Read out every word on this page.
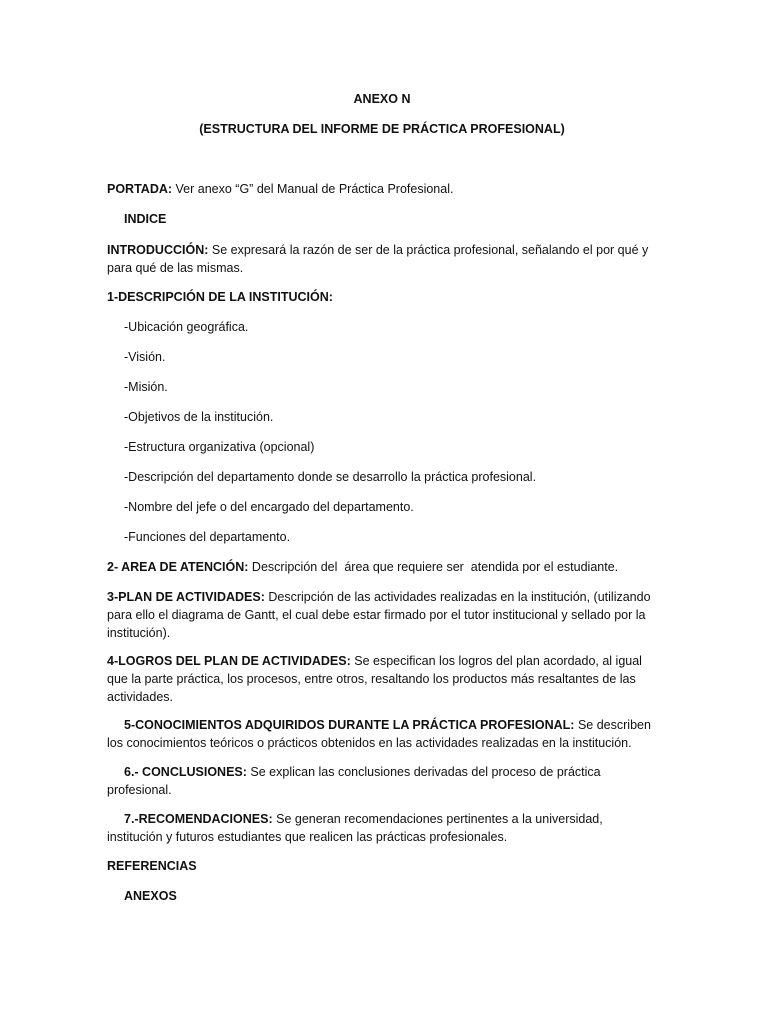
ANEXO N
(ESTRUCTURA DEL INFORME DE PRÁCTICA PROFESIONAL)
PORTADA: Ver anexo “G” del Manual de Práctica Profesional.
INDICE
INTRODUCCIÓN: Se expresará la razón de ser de la práctica profesional, señalando el por qué y
para qué de las mismas.
1-DESCRIPCIÓN DE LA INSTITUCIÓN:
-Ubicación geográfica.
-Visión.
-Misión.
-Objetivos de la institución.
-Estructura organizativa (opcional)
-Descripción del departamento donde se desarrollo la práctica profesional.
-Nombre del jefe o del encargado del departamento.
-Funciones del departamento.
2- AREA DE ATENCIÓN: Descripción del  área que requiere ser  atendida por el estudiante.
3-PLAN DE ACTIVIDADES: Descripción de las actividades realizadas en la institución, (utilizando
para ello el diagrama de Gantt, el cual debe estar firmado por el tutor institucional y sellado por la
institución).
4-LOGROS DEL PLAN DE ACTIVIDADES: Se especifican los logros del plan acordado, al igual
que la parte práctica, los procesos, entre otros, resaltando los productos más resaltantes de las
actividades.
5-CONOCIMIENTOS ADQUIRIDOS DURANTE LA PRÁCTICA PROFESIONAL: Se describen
los conocimientos teóricos o prácticos obtenidos en las actividades realizadas en la institución.
6.- CONCLUSIONES: Se explican las conclusiones derivadas del proceso de práctica
profesional.
7.-RECOMENDACIONES: Se generan recomendaciones pertinentes a la universidad,
institución y futuros estudiantes que realicen las prácticas profesionales.
REFERENCIAS
ANEXOS
